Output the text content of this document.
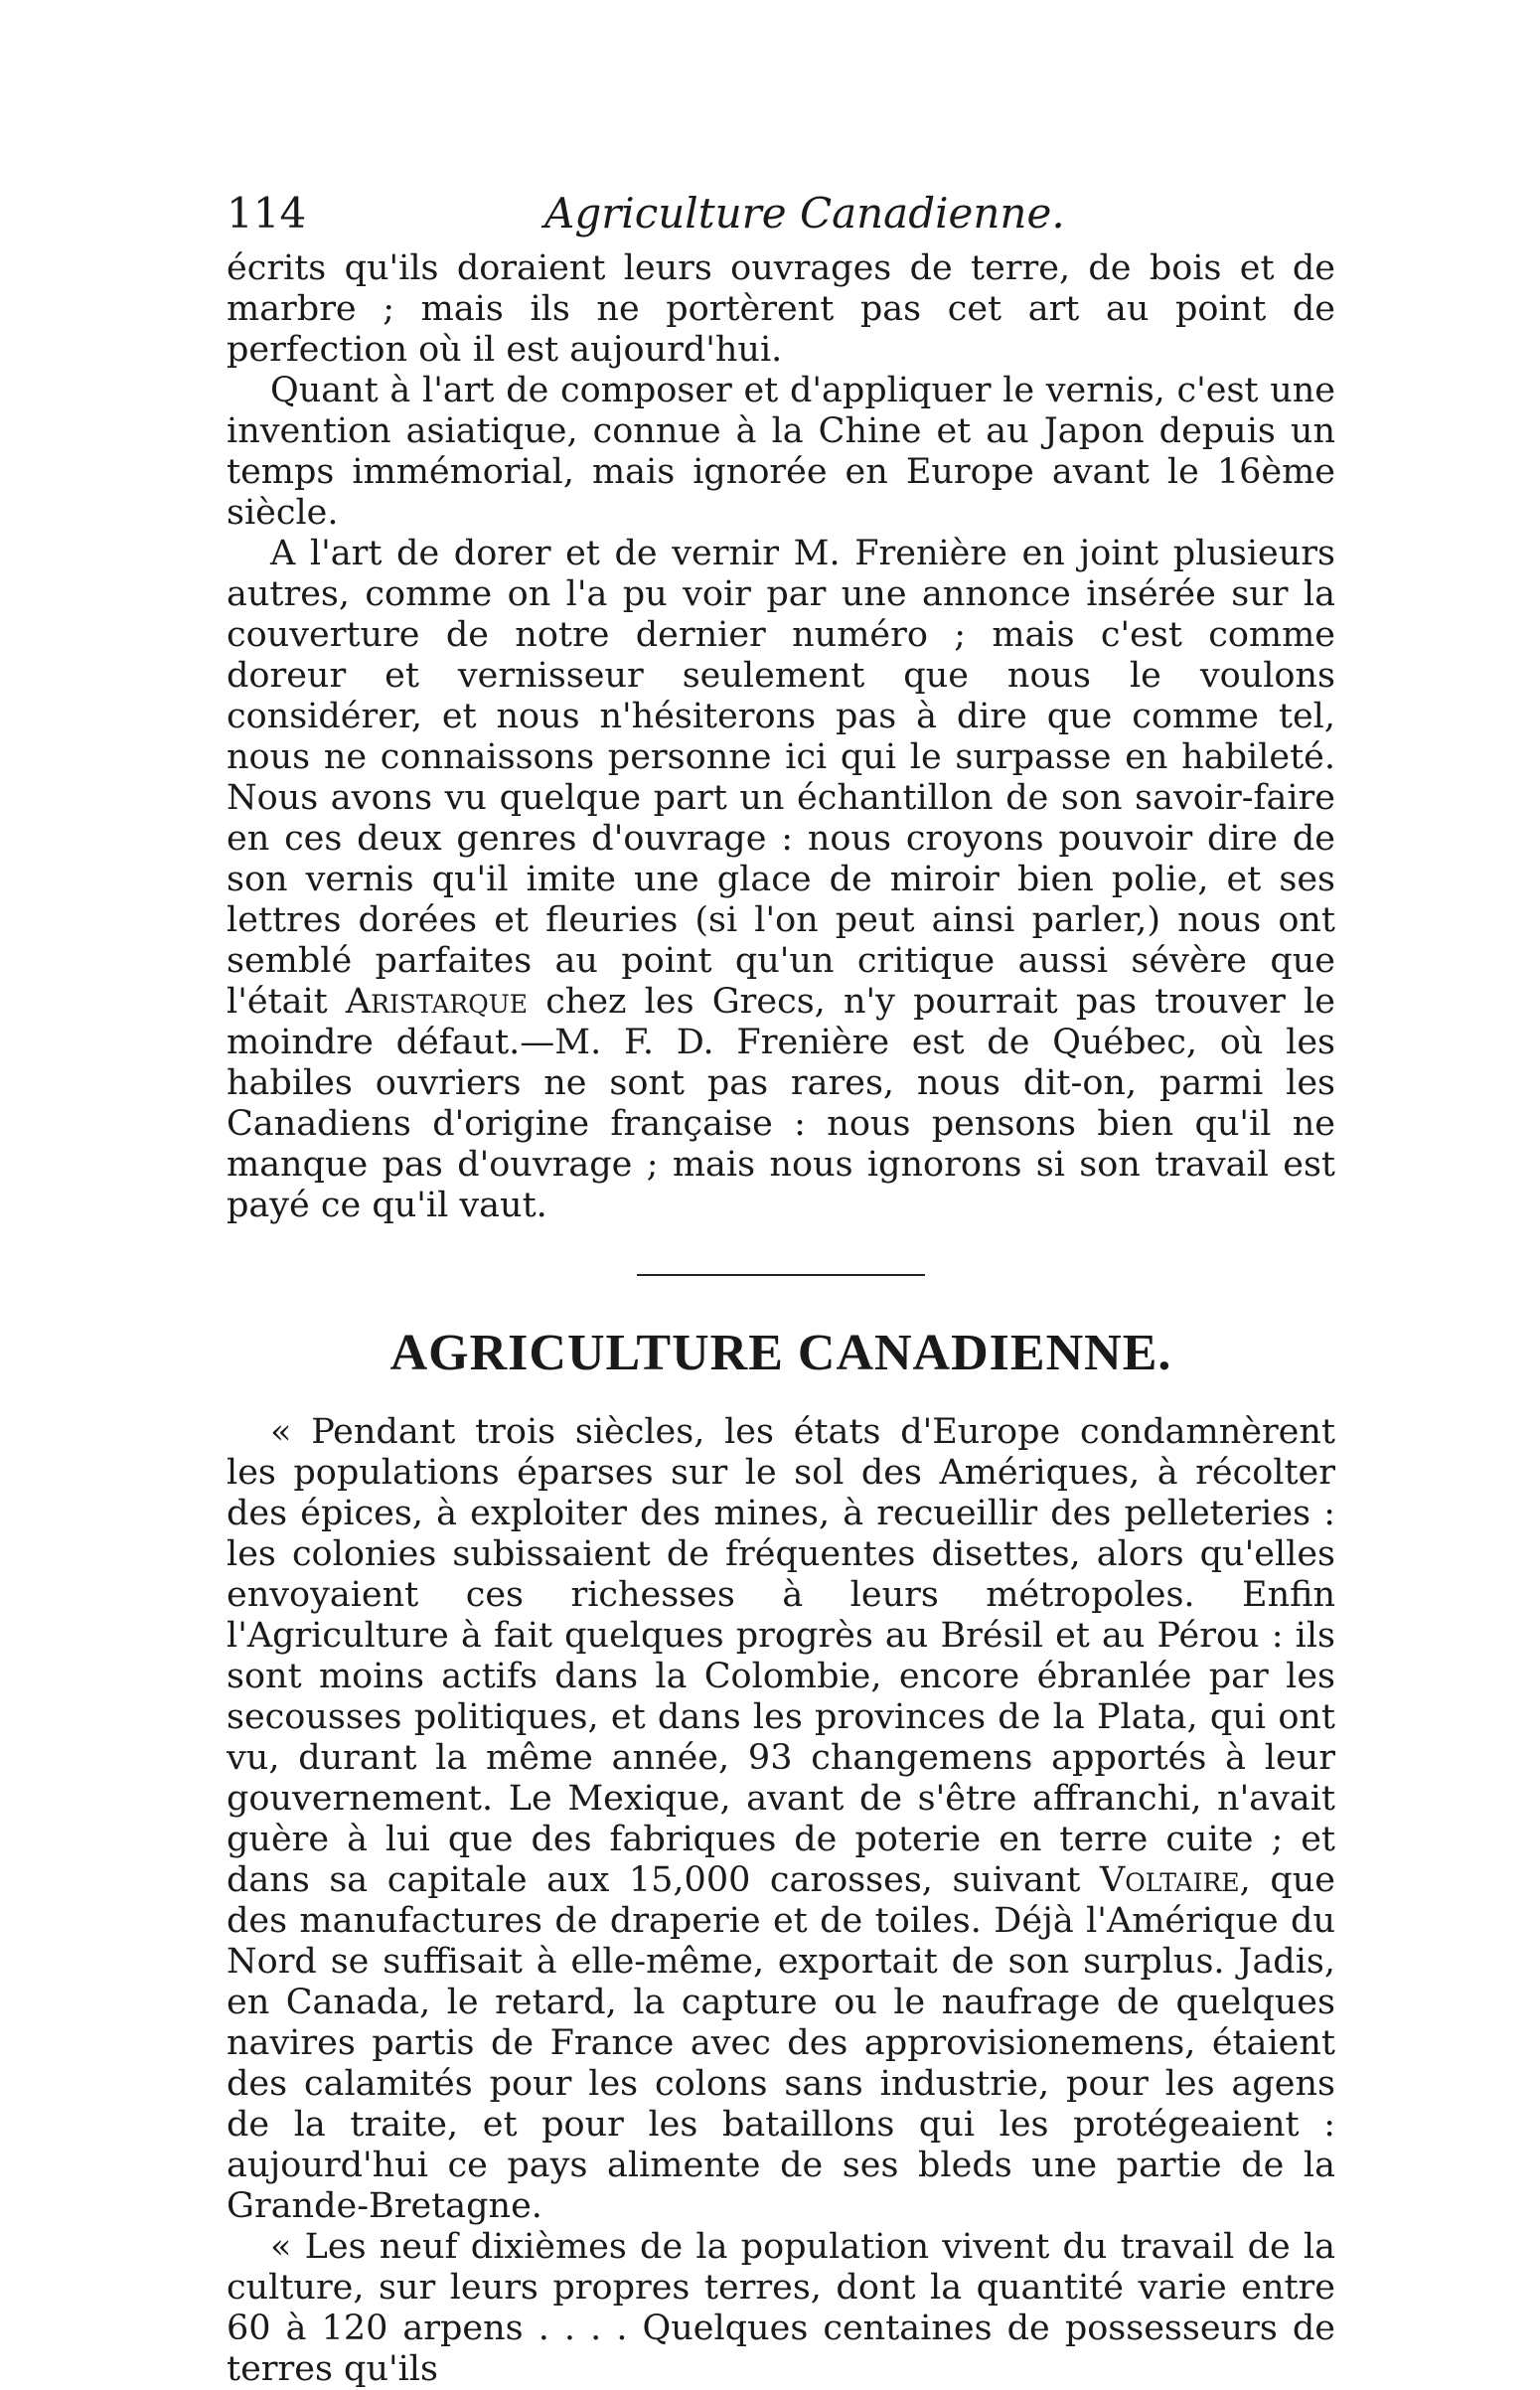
114	Agriculture Canadienne.

écrits qu'ils doraient leurs ouvrages de terre, de bois et de marbre ; mais ils ne portèrent pas cet art au point de perfection où il est aujourd'hui.

Quant à l'art de composer et d'appliquer le vernis, c'est une invention asiatique, connue à la Chine et au Japon depuis un temps immémorial, mais ignorée en Europe avant le 16ème siècle.

A l'art de dorer et de vernir M. Frenière en joint plusieurs autres, comme on l'a pu voir par une annonce insérée sur la couverture de notre dernier numéro ; mais c'est comme doreur et vernisseur seulement que nous le voulons considérer, et nous n'hésiterons pas à dire que comme tel, nous ne connaissons personne ici qui le surpasse en habileté. Nous avons vu quelque part un échantillon de son savoir-faire en ces deux genres d'ouvrage : nous croyons pouvoir dire de son vernis qu'il imite une glace de miroir bien polie, et ses lettres dorées et fleuries (si l'on peut ainsi parler,) nous ont semblé parfaites au point qu'un critique aussi sévère que l'était Aristarque chez les Grecs, n'y pourrait pas trouver le moindre défaut.—M. F. D. Frenière est de Québec, où les habiles ouvriers ne sont pas rares, nous dit-on, parmi les Canadiens d'origine française : nous pensons bien qu'il ne manque pas d'ouvrage ; mais nous ignorons si son travail est payé ce qu'il vaut.

AGRICULTURE CANADIENNE.

« Pendant trois siècles, les états d'Europe condamnèrent les populations éparses sur le sol des Amériques, à récolter des épices, à exploiter des mines, à recueillir des pelleteries : les colonies subissaient de fréquentes disettes, alors qu'elles envoyaient ces richesses à leurs métropoles. Enfin l'Agriculture à fait quelques progrès au Brésil et au Pérou : ils sont moins actifs dans la Colombie, encore ébranlée par les secousses politiques, et dans les provinces de la Plata, qui ont vu, durant la même année, 93 changemens apportés à leur gouvernement. Le Mexique, avant de s'être affranchi, n'avait guère à lui que des fabriques de poterie en terre cuite ; et dans sa capitale aux 15,000 carosses, suivant Voltaire, que des manufactures de draperie et de toiles. Déjà l'Amérique du Nord se suffisait à elle-même, exportait de son surplus. Jadis, en Canada, le retard, la capture ou le naufrage de quelques navires partis de France avec des approvisionemens, étaient des calamités pour les colons sans industrie, pour les agens de la traite, et pour les bataillons qui les protégeaient : aujourd'hui ce pays alimente de ses bleds une partie de la Grande-Bretagne.

« Les neuf dixièmes de la population vivent du travail de la culture, sur leurs propres terres, dont la quantité varie entre 60 à 120 arpens . . . . Quelques centaines de possesseurs de terres qu'ils
